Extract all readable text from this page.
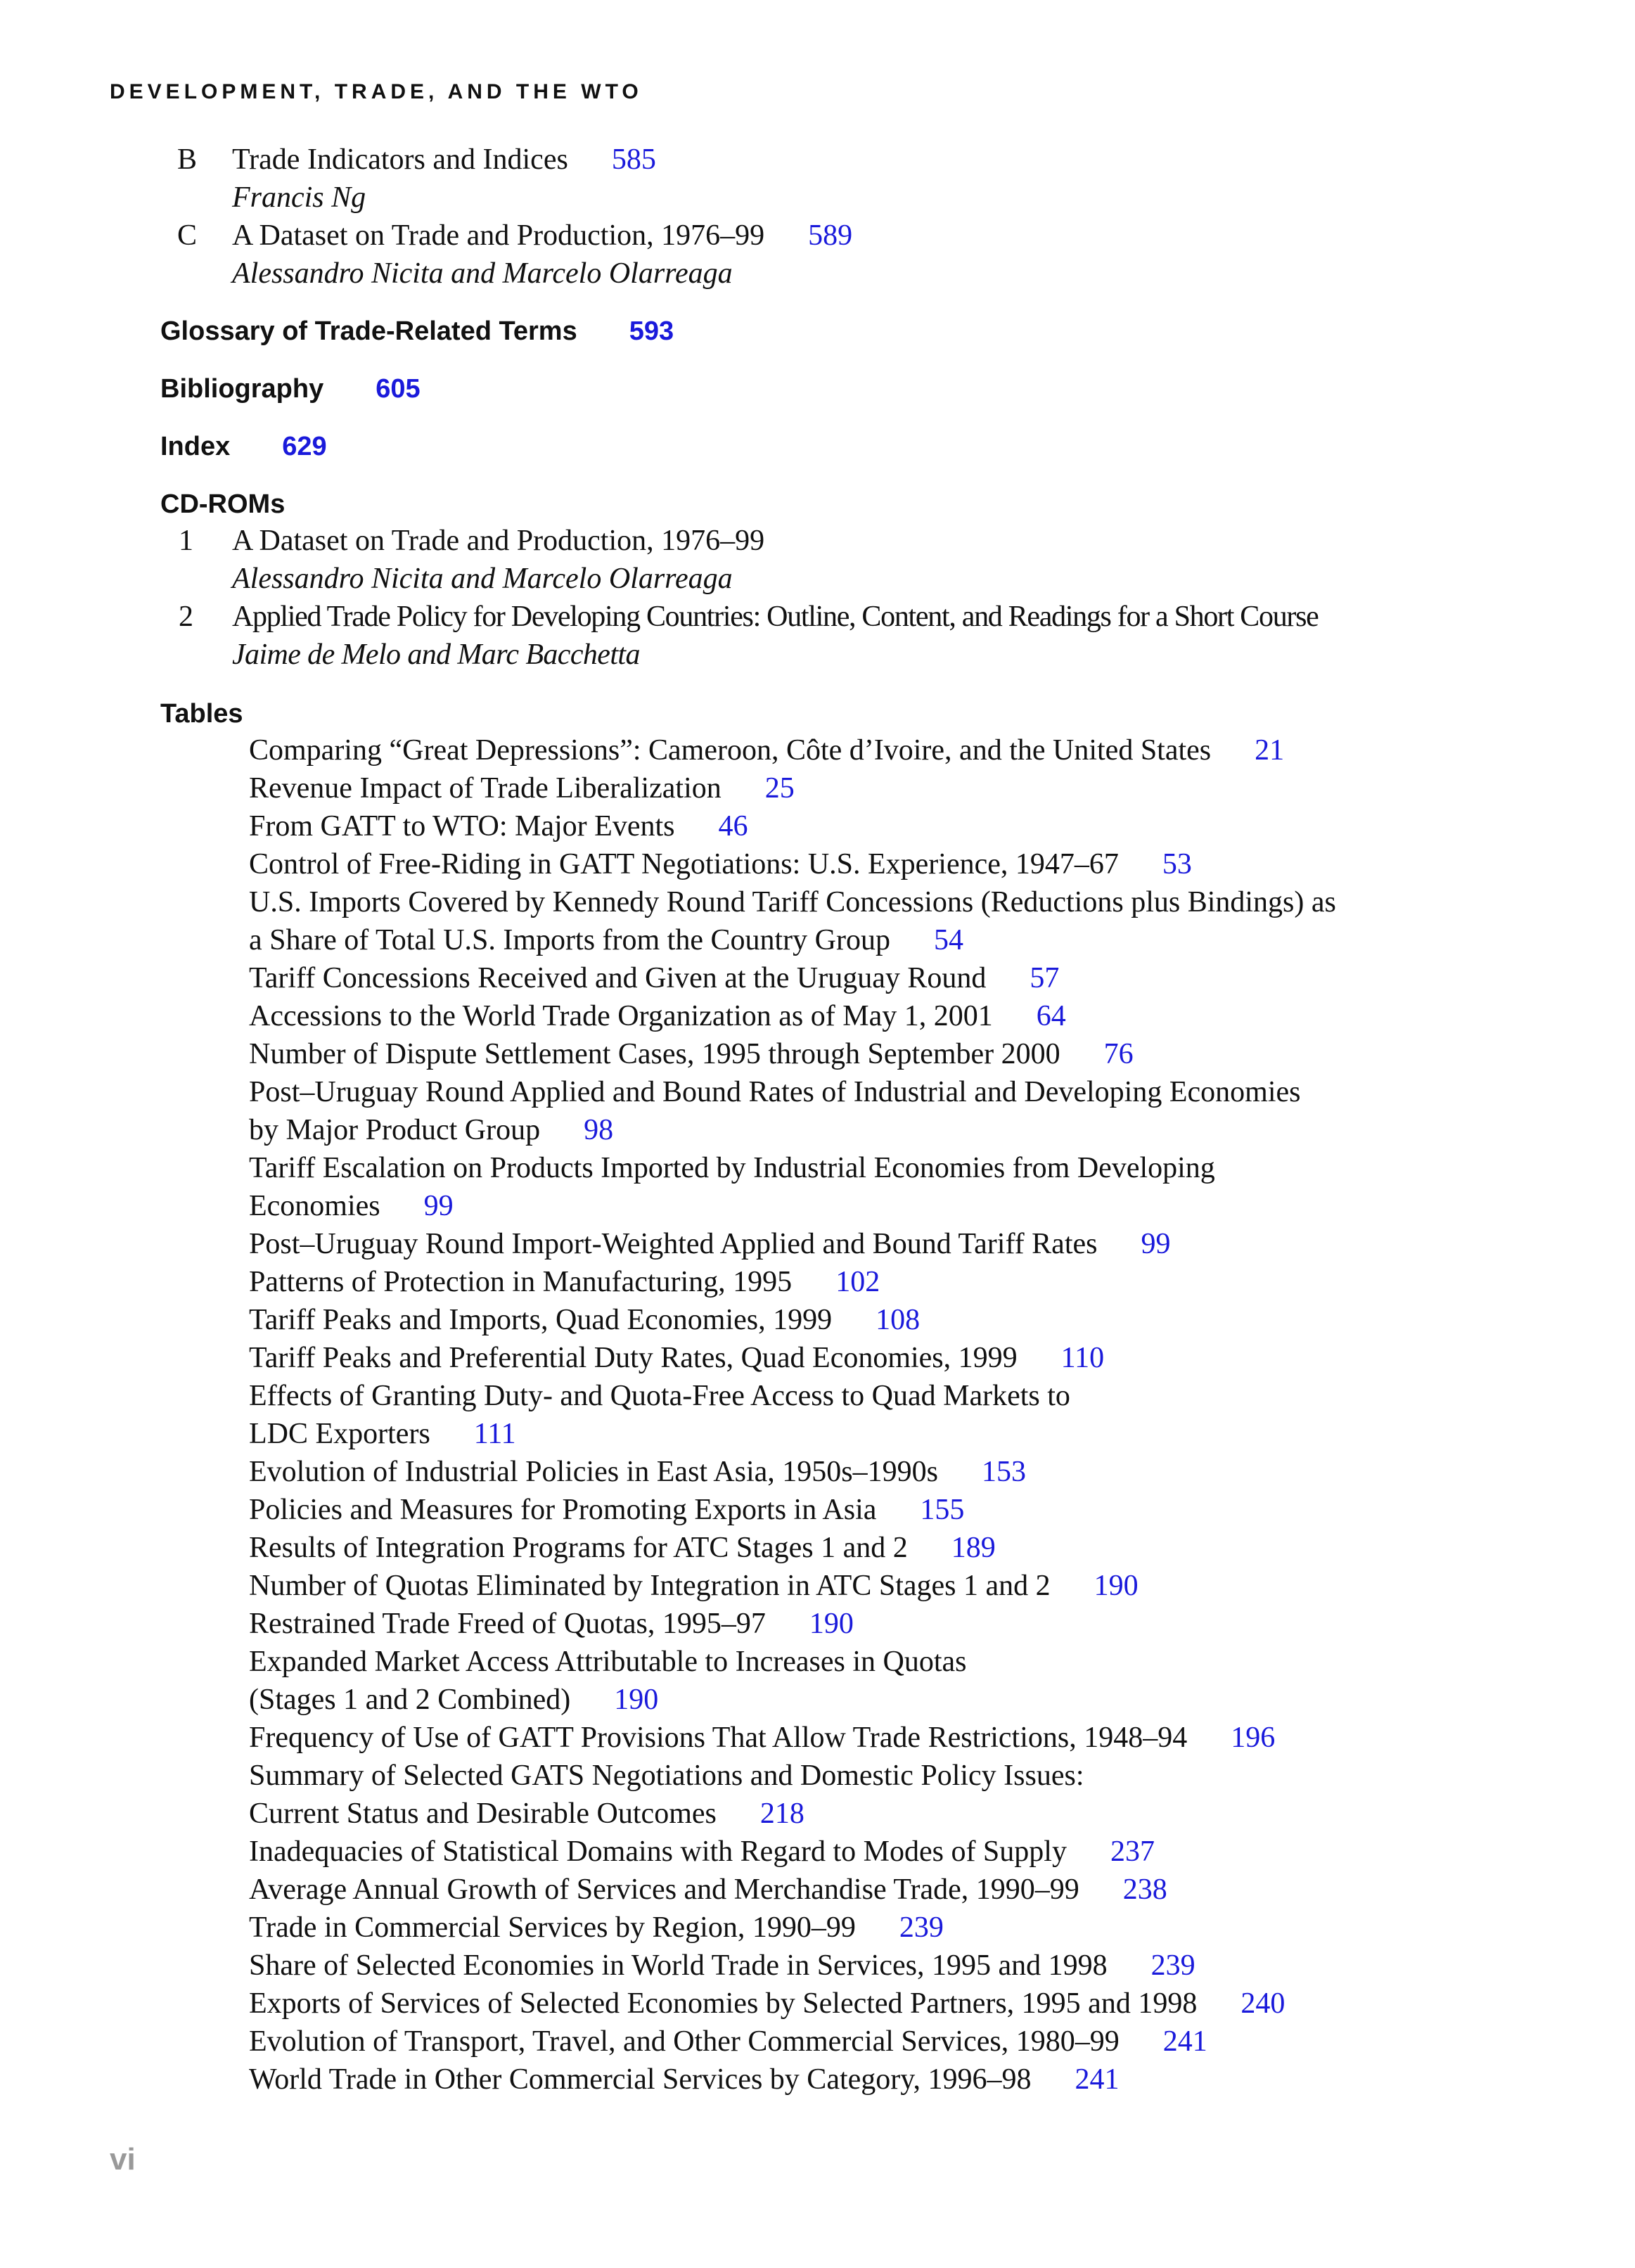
DEVELOPMENT, TRADE, AND THE WTO
B Trade Indicators and Indices 585
Francis Ng
C A Dataset on Trade and Production, 1976–99 589
Alessandro Nicita and Marcelo Olarreaga
Glossary of Trade-Related Terms 593
Bibliography 605
Index 629
CD-ROMs
1 A Dataset on Trade and Production, 1976–99
Alessandro Nicita and Marcelo Olarreaga
2 Applied Trade Policy for Developing Countries: Outline, Content, and Readings for a Short Course
Jaime de Melo and Marc Bacchetta
Tables
Comparing “Great Depressions”: Cameroon, Côte d’Ivoire, and the United States 21
Revenue Impact of Trade Liberalization 25
From GATT to WTO: Major Events 46
Control of Free-Riding in GATT Negotiations: U.S. Experience, 1947–67 53
U.S. Imports Covered by Kennedy Round Tariff Concessions (Reductions plus Bindings) as
a Share of Total U.S. Imports from the Country Group 54
Tariff Concessions Received and Given at the Uruguay Round 57
Accessions to the World Trade Organization as of May 1, 2001 64
Number of Dispute Settlement Cases, 1995 through September 2000 76
Post–Uruguay Round Applied and Bound Rates of Industrial and Developing Economies
by Major Product Group 98
Tariff Escalation on Products Imported by Industrial Economies from Developing
Economies 99
Post–Uruguay Round Import-Weighted Applied and Bound Tariff Rates 99
Patterns of Protection in Manufacturing, 1995 102
Tariff Peaks and Imports, Quad Economies, 1999 108
Tariff Peaks and Preferential Duty Rates, Quad Economies, 1999 110
Effects of Granting Duty- and Quota-Free Access to Quad Markets to
LDC Exporters 111
Evolution of Industrial Policies in East Asia, 1950s–1990s 153
Policies and Measures for Promoting Exports in Asia 155
Results of Integration Programs for ATC Stages 1 and 2 189
Number of Quotas Eliminated by Integration in ATC Stages 1 and 2 190
Restrained Trade Freed of Quotas, 1995–97 190
Expanded Market Access Attributable to Increases in Quotas
(Stages 1 and 2 Combined) 190
Frequency of Use of GATT Provisions That Allow Trade Restrictions, 1948–94 196
Summary of Selected GATS Negotiations and Domestic Policy Issues:
Current Status and Desirable Outcomes 218
Inadequacies of Statistical Domains with Regard to Modes of Supply 237
Average Annual Growth of Services and Merchandise Trade, 1990–99 238
Trade in Commercial Services by Region, 1990–99 239
Share of Selected Economies in World Trade in Services, 1995 and 1998 239
Exports of Services of Selected Economies by Selected Partners, 1995 and 1998 240
Evolution of Transport, Travel, and Other Commercial Services, 1980–99 241
World Trade in Other Commercial Services by Category, 1996–98 241
vi
